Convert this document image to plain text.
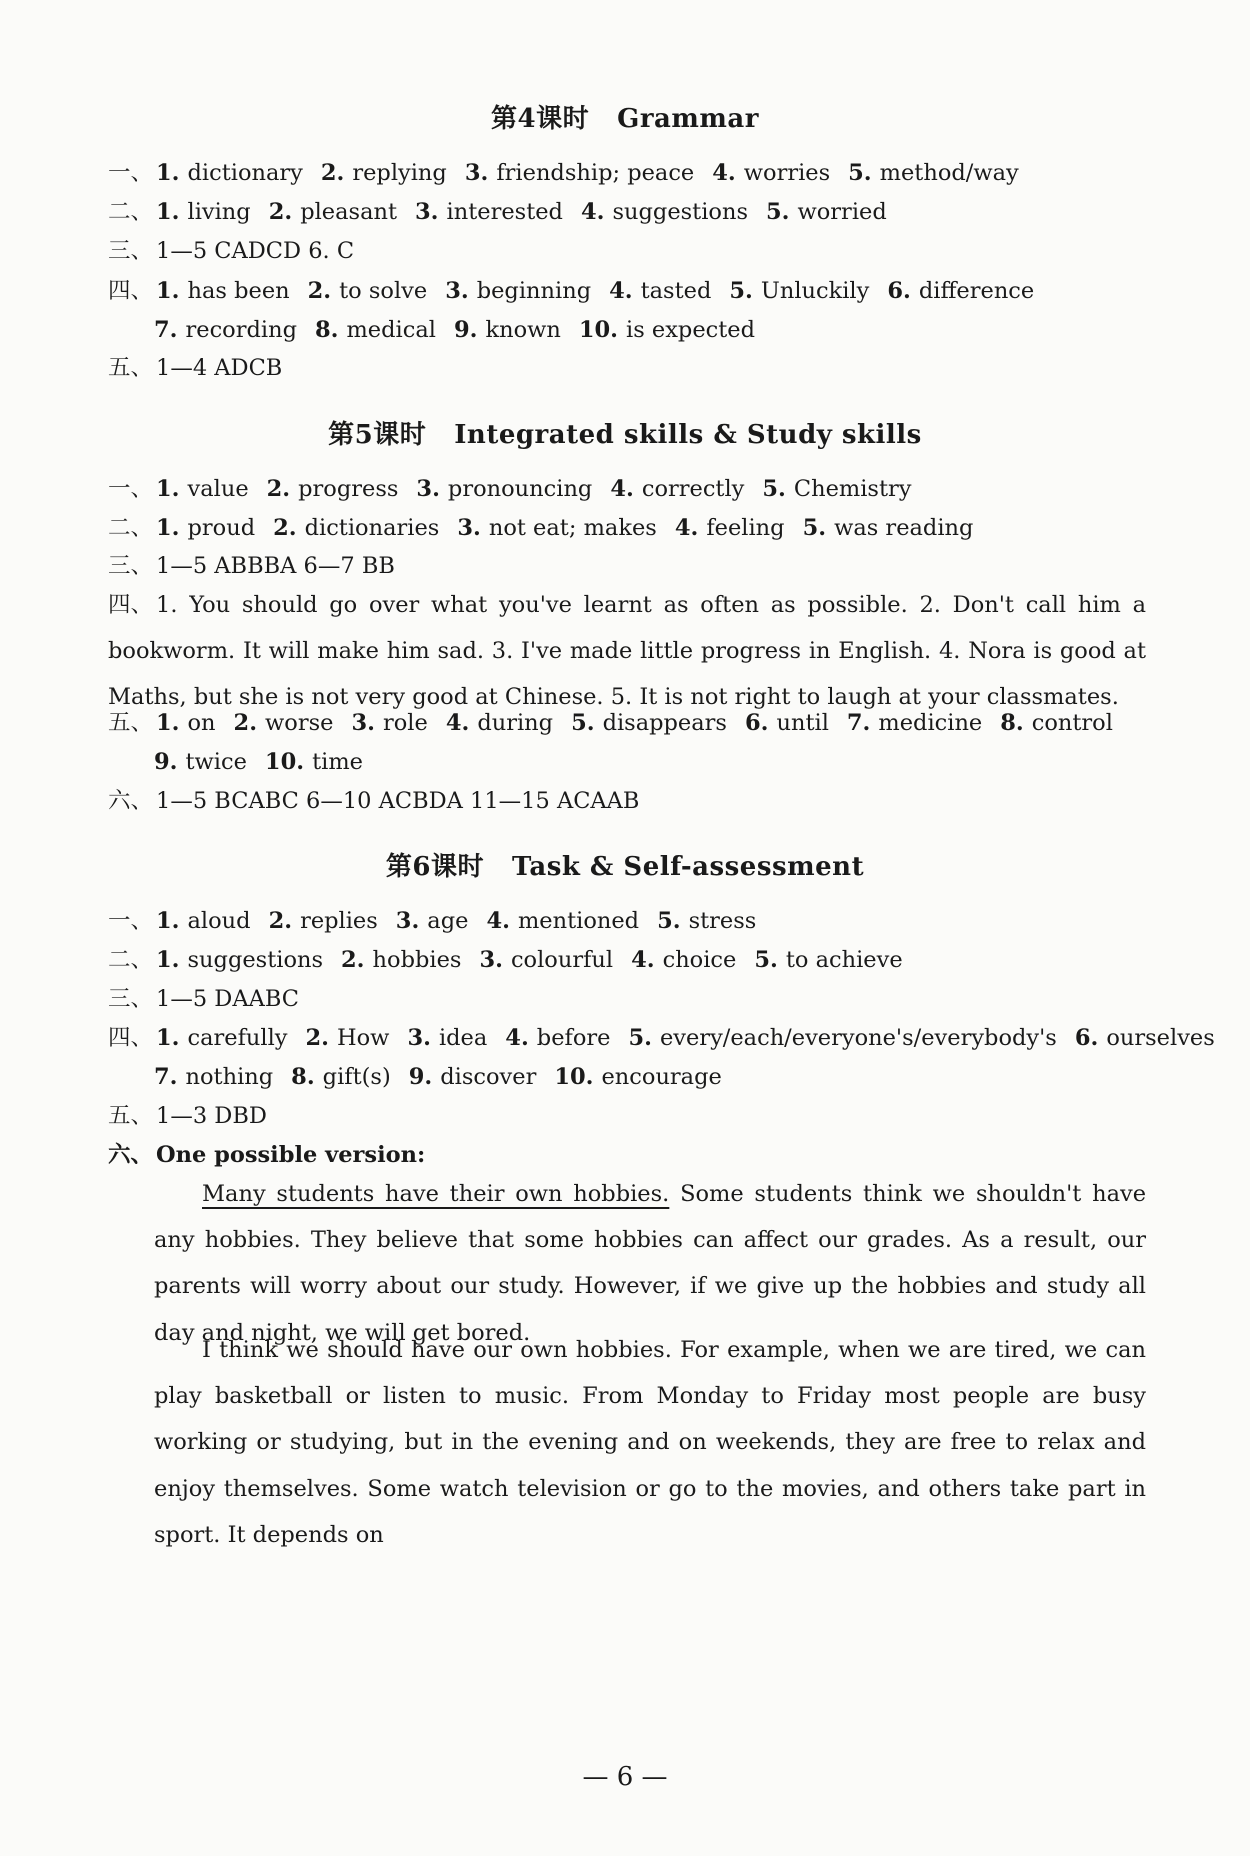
第4课时 Grammar
一、 1. dictionary 2. replying 3. friendship; peace 4. worries 5. method/way
二、 1. living 2. pleasant 3. interested 4. suggestions 5. worried
三、 1—5 CADCD 6. C
四、 1. has been 2. to solve 3. beginning 4. tasted 5. Unluckily 6. difference
7. recording 8. medical 9. known 10. is expected
五、 1—4 ADCB
第5课时 Integrated skills & Study skills
一、 1. value 2. progress 3. pronouncing 4. correctly 5. Chemistry
二、 1. proud 2. dictionaries 3. not eat; makes 4. feeling 5. was reading
三、 1—5 ABBBA 6—7 BB
四、 1. You should go over what you've learnt as often as possible. 2. Don't call him a bookworm. It will make him sad. 3. I've made little progress in English. 4. Nora is good at Maths, but she is not very good at Chinese. 5. It is not right to laugh at your classmates.
五、 1. on 2. worse 3. role 4. during 5. disappears 6. until 7. medicine 8. control
9. twice 10. time
六、 1—5 BCABC 6—10 ACBDA 11—15 ACAAB
第6课时 Task & Self-assessment
一、 1. aloud 2. replies 3. age 4. mentioned 5. stress
二、 1. suggestions 2. hobbies 3. colourful 4. choice 5. to achieve
三、 1—5 DAABC
四、 1. carefully 2. How 3. idea 4. before 5. every/each/everyone's/everybody's 6. ourselves
7. nothing 8. gift(s) 9. discover 10. encourage
五、 1—3 DBD
六、 One possible version:
Many students have their own hobbies. Some students think we shouldn't have any hobbies. They believe that some hobbies can affect our grades. As a result, our parents will worry about our study. However, if we give up the hobbies and study all day and night, we will get bored.
I think we should have our own hobbies. For example, when we are tired, we can play basketball or listen to music. From Monday to Friday most people are busy working or studying, but in the evening and on weekends, they are free to relax and enjoy themselves. Some watch television or go to the movies, and others take part in sport. It depends on
— 6 —
